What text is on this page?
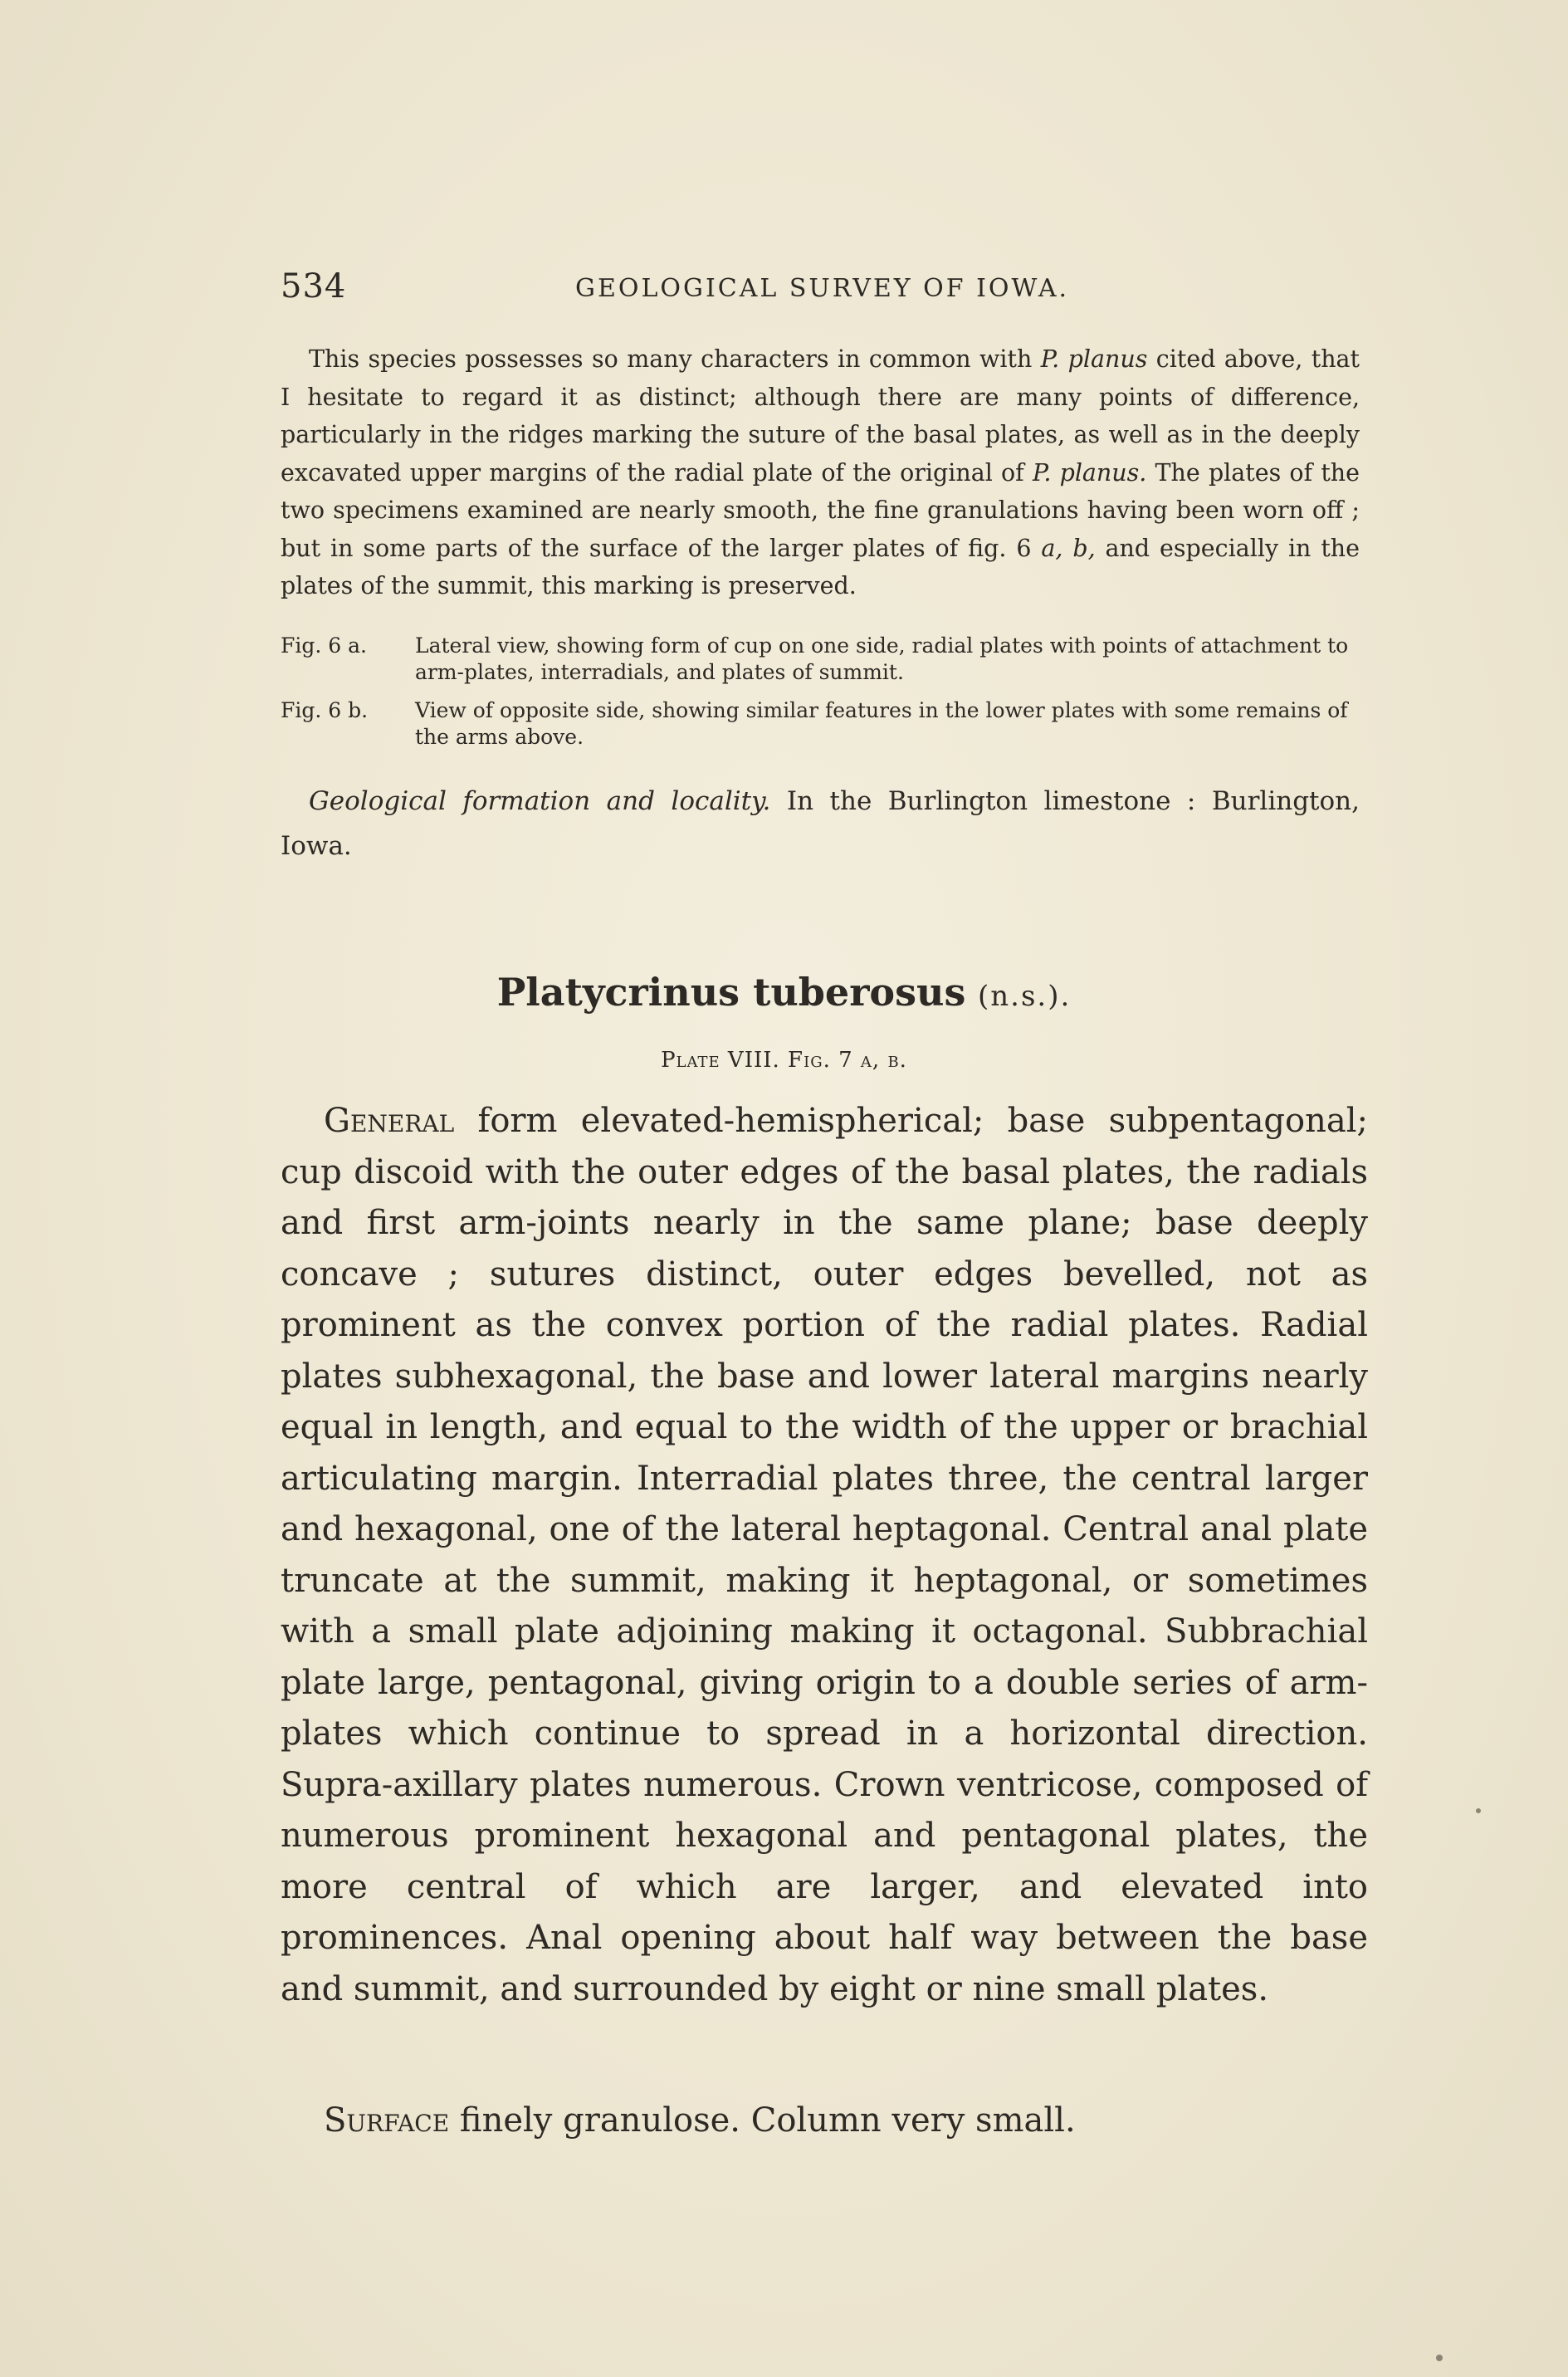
534	GEOLOGICAL SURVEY OF IOWA.

This species possesses so many characters in common with P. planus cited above, that I hesitate to regard it as distinct; although there are many points of difference, particularly in the ridges marking the suture of the basal plates, as well as in the deeply excavated upper margins of the radial plate of the original of P. planus. The plates of the two specimens examined are nearly smooth, the fine granulations having been worn off ; but in some parts of the surface of the larger plates of fig. 6 a, b, and especially in the plates of the summit, this marking is preserved.

Fig. 6 a. Lateral view, showing form of cup on one side, radial plates with points of attachment to arm-plates, interradials, and plates of summit.
Fig. 6 b. View of opposite side, showing similar features in the lower plates with some remains of the arms above.

Geological formation and locality. In the Burlington limestone : Burlington, Iowa.

Platycrinus tuberosus (n.s.).
Plate VIII. Fig. 7 a, b.

General form elevated-hemispherical; base subpentagonal; cup discoid with the outer edges of the basal plates, the radials and first arm-joints nearly in the same plane; base deeply concave ; sutures distinct, outer edges bevelled, not as prominent as the convex portion of the radial plates. Radial plates subhexagonal, the base and lower lateral margins nearly equal in length, and equal to the width of the upper or brachial articulating margin. Interradial plates three, the central larger and hexagonal, one of the lateral heptagonal. Central anal plate truncate at the summit, making it heptagonal, or sometimes with a small plate adjoining making it octagonal. Subbrachial plate large, pentagonal, giving origin to a double series of arm-plates which continue to spread in a horizontal direction. Supra-axillary plates numerous. Crown ventricose, composed of numerous prominent hexagonal and pentagonal plates, the more central of which are larger, and elevated into prominences. Anal opening about half way between the base and summit, and surrounded by eight or nine small plates.

Surface finely granulose. Column very small.
